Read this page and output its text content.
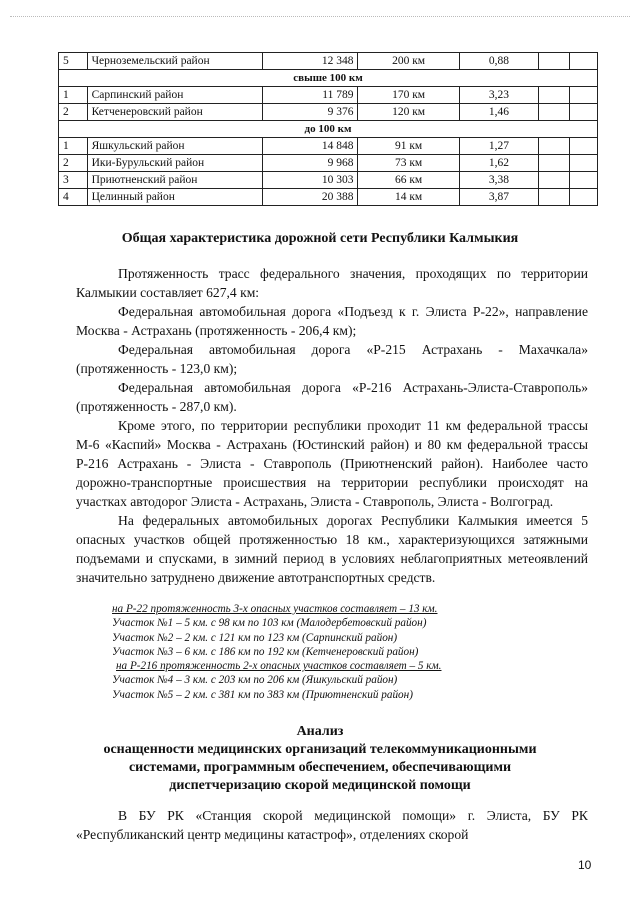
5	Черноземельский район	12 348	200 км	0,88		
свыше 100 км						
1	Сарпинский район	11 789	170 км	3,23		
2	Кетченеровский район	9 376	120 км	1,46		
до 100 км						
1	Яшкульский район	14 848	91 км	1,27		
2	Ики-Бурульский район	9 968	73 км	1,62		
3	Приютненский район	10 303	66 км	3,38		
4	Целинный район	20 388	14 км	3,87		
Общая характеристика дорожной сети Республики Калмыкия

Протяженность трасс федерального значения, проходящих по территории Калмыкии составляет 627,4 км:

Федеральная автомобильная дорога «Подъезд к г. Элиста Р-22», направление Москва - Астрахань (протяженность - 206,4 км);

Федеральная автомобильная дорога «Р-215 Астрахань - Махачкала» (протяженность - 123,0 км);

Федеральная автомобильная дорога «Р-216 Астрахань-Элиста-Ставрополь» (протяженность - 287,0 км).

Кроме этого, по территории республики проходит 11 км федеральной трассы М-6 «Каспий» Москва - Астрахань (Юстинский район) и 80 км федеральной трассы Р-216 Астрахань - Элиста - Ставрополь (Приютненский район). Наиболее часто дорожно-транспортные происшествия на территории республики происходят на участках автодорог Элиста - Астрахань, Элиста - Ставрополь, Элиста - Волгоград.

На федеральных автомобильных дорогах Республики Калмыкия имеется 5 опасных участков общей протяженностью 18 км., характеризующихся затяжными подъемами и спусками, в зимний период в условиях неблагоприятных метеоявлений значительно затруднено движение автотранспортных средств.

на Р-22 протяженность 3-х опасных участков составляет – 13 км.
Участок №1 – 5 км. с 98 км по 103 км (Малодербетовский район)
Участок №2 – 2 км. с 121 км по 123 км (Сарпинский район)
Участок №3 – 6 км. с 186 км по 192 км (Кетченеровский район)
на Р-216 протяженность 2-х опасных участков составляет – 5 км.
Участок №4 – 3 км. с 203 км по 206 км (Яшкульский район)
Участок №5 – 2 км. с 381 км по 383 км (Приютненский район)
Анализ
оснащенности медицинских организаций телекоммуникационными
системами, программным обеспечением, обеспечивающими
диспетчеризацию скорой медицинской помощи

В БУ РК «Станция скорой медицинской помощи» г. Элиста, БУ РК «Республиканский центр медицины катастроф», отделениях скорой

10
